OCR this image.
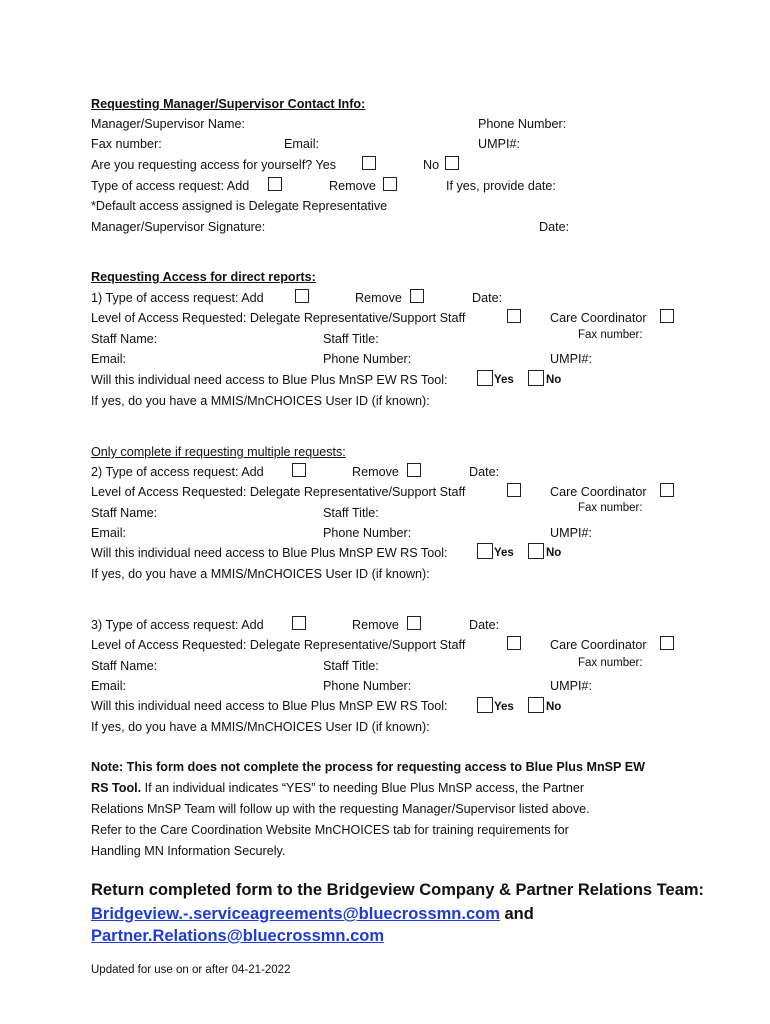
Requesting Manager/Supervisor Contact Info:
Manager/Supervisor Name:	Phone Number:
Fax number:	Email:	UMPI#:
Are you requesting access for yourself? Yes	No
Type of access request: Add	Remove	If yes, provide date:
*Default access assigned is Delegate Representative
Manager/Supervisor Signature:	Date:
Requesting Access for direct reports:
1) Type of access request: Add	Remove	Date:
Level of Access Requested: Delegate Representative/Support Staff	Care Coordinator
Fax number:
Staff Name:	Staff Title:
Email:	Phone Number:	UMPI#:
Will this individual need access to Blue Plus MnSP EW RS Tool:	Yes	No
If yes, do you have a MMIS/MnCHOICES User ID (if known):
Only complete if requesting multiple requests:
2) Type of access request: Add	Remove	Date:
Level of Access Requested: Delegate Representative/Support Staff	Care Coordinator
Fax number:
Staff Name:	Staff Title:
Email:	Phone Number:	UMPI#:
Will this individual need access to Blue Plus MnSP EW RS Tool:	Yes	No
If yes, do you have a MMIS/MnCHOICES User ID (if known):
3) Type of access request: Add	Remove	Date:
Level of Access Requested: Delegate Representative/Support Staff	Care Coordinator
Fax number:
Staff Name:	Staff Title:
Email:	Phone Number:	UMPI#:
Will this individual need access to Blue Plus MnSP EW RS Tool:	Yes	No
If yes, do you have a MMIS/MnCHOICES User ID (if known):
Note: This form does not complete the process for requesting access to Blue Plus MnSP EW
RS Tool. If an individual indicates “YES” to needing Blue Plus MnSP access, the Partner
Relations MnSP Team will follow up with the requesting Manager/Supervisor listed above.
Refer to the Care Coordination Website MnCHOICES tab for training requirements for
Handling MN Information Securely.
Return completed form to the Bridgeview Company & Partner Relations Team:
Bridgeview.-.serviceagreements@bluecrossmn.com and
Partner.Relations@bluecrossmn.com
Updated for use on or after 04-21-2022
